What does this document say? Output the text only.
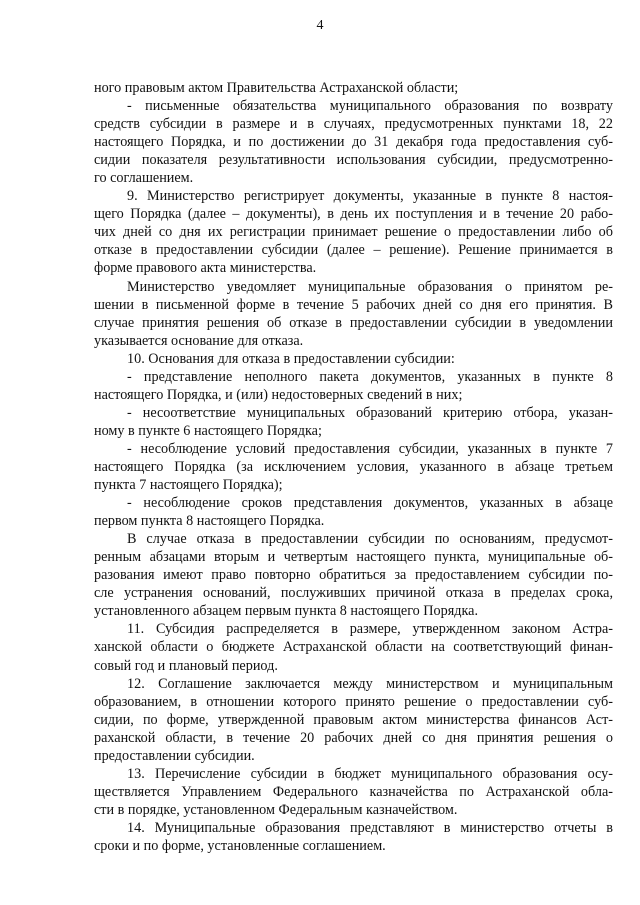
4
ного правовым актом Правительства Астраханской области;
- письменные обязательства муниципального образования по возврату
средств субсидии в размере и в случаях, предусмотренных пунктами 18, 22
настоящего Порядка, и по достижении до 31 декабря года предоставления суб-
сидии показателя результативности использования субсидии, предусмотренно-
го соглашением.
9. Министерство регистрирует документы, указанные в пункте 8 настоя-
щего Порядка (далее – документы), в день их поступления и в течение 20 рабо-
чих дней со дня их регистрации принимает решение о предоставлении либо об
отказе в предоставлении субсидии (далее – решение). Решение принимается в
форме правового акта министерства.
Министерство уведомляет муниципальные образования о принятом ре-
шении в письменной форме в течение 5 рабочих дней со дня его принятия. В
случае принятия решения об отказе в предоставлении субсидии в уведомлении
указывается основание для отказа.
10. Основания для отказа в предоставлении субсидии:
- представление неполного пакета документов, указанных в пункте 8
настоящего Порядка, и (или) недостоверных сведений в них;
- несоответствие муниципальных образований критерию отбора, указан-
ному в пункте 6 настоящего Порядка;
- несоблюдение условий предоставления субсидии, указанных в пункте 7
настоящего Порядка (за исключением условия, указанного в абзаце третьем
пункта 7 настоящего Порядка);
- несоблюдение сроков представления документов, указанных в абзаце
первом пункта 8 настоящего Порядка.
В случае отказа в предоставлении субсидии по основаниям, предусмот-
ренным абзацами вторым и четвертым настоящего пункта, муниципальные об-
разования имеют право повторно обратиться за предоставлением субсидии по-
сле устранения оснований, послуживших причиной отказа в пределах срока,
установленного абзацем первым пункта 8 настоящего Порядка.
11. Субсидия распределяется в размере, утвержденном законом Астра-
ханской области о бюджете Астраханской области на соответствующий финан-
совый год и плановый период.
12. Соглашение заключается между министерством и муниципальным
образованием, в отношении которого принято решение о предоставлении суб-
сидии, по форме, утвержденной правовым актом министерства финансов Аст-
раханской области, в течение 20 рабочих дней со дня принятия решения о
предоставлении субсидии.
13. Перечисление субсидии в бюджет муниципального образования осу-
ществляется Управлением Федерального казначейства по Астраханской обла-
сти в порядке, установленном Федеральным казначейством.
14. Муниципальные образования представляют в министерство отчеты в
сроки и по форме, установленные соглашением.
